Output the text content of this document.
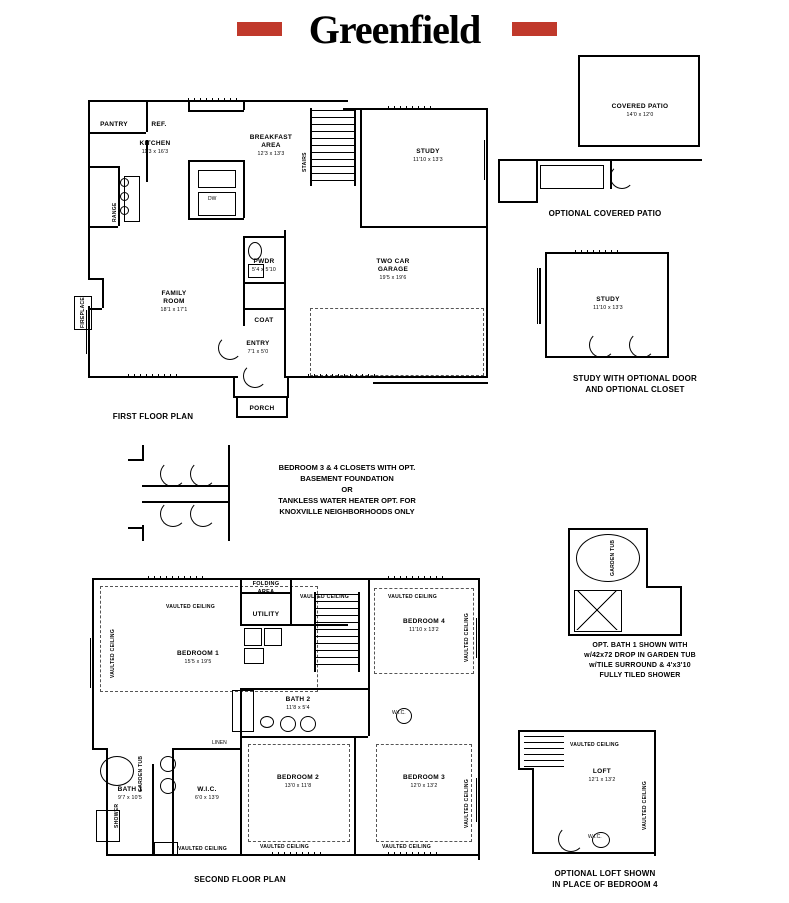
Greenfield
RANGE
DW
PANTRY	REF.
KITCHEN
11'3 x 16'3
BREAKFAST
AREA
12'3 x 13'3	STAIRS
STUDY
11'10 x 13'3
TWO CAR
GARAGE
19'5 x 19'6
FAMILY
ROOM
18'1 x 17'1
FIREPLACE
PWDR
5'4 x 5'10
COAT
ENTRY
7'1 x 5'0
PORCH
FIRST FLOOR PLAN
COVERED PATIO
14'0 x 12'0
OPTIONAL COVERED PATIO
STUDY
11'10 x 13'3
STUDY WITH OPTIONAL DOOR
AND OPTIONAL CLOSET
BEDROOM 3 & 4 CLOSETS WITH OPT.
BASEMENT FOUNDATION
OR
TANKLESS WATER HEATER OPT. FOR
KNOXVILLE NEIGHBORHOODS ONLY
BEDROOM 1
15'5 x 19'5
VAULTED CEILING
VAULTED CEILING
FOLDING
AREA
UTILITY
VAULTED CEILING
BEDROOM 4
11'10 x 13'2
VAULTED CEILING
VAULTED CEILING
BATH 2
11'8 x 5'4
BEDROOM 3
12'0 x 13'2	VAULTED CEILING
VAULTED CEILING
W.I.C.
BEDROOM 2
13'0 x 11'8
VAULTED CEILING
W.I.C.
6'0 x 13'9
BATH 1
9'7 x 10'5
GARDEN TUB
SHOWER
VAULTED CEILING
LINEN
SECOND FLOOR PLAN
GARDEN TUB
OPT. BATH 1 SHOWN WITH
w/42x72 DROP IN GARDEN TUB
w/TILE SURROUND & 4'x3'10
FULLY TILED SHOWER
LOFT
12'1 x 13'2
VAULTED CEILING
VAULTED CEILING
W.I.C.
OPTIONAL LOFT SHOWN
IN PLACE OF BEDROOM 4
